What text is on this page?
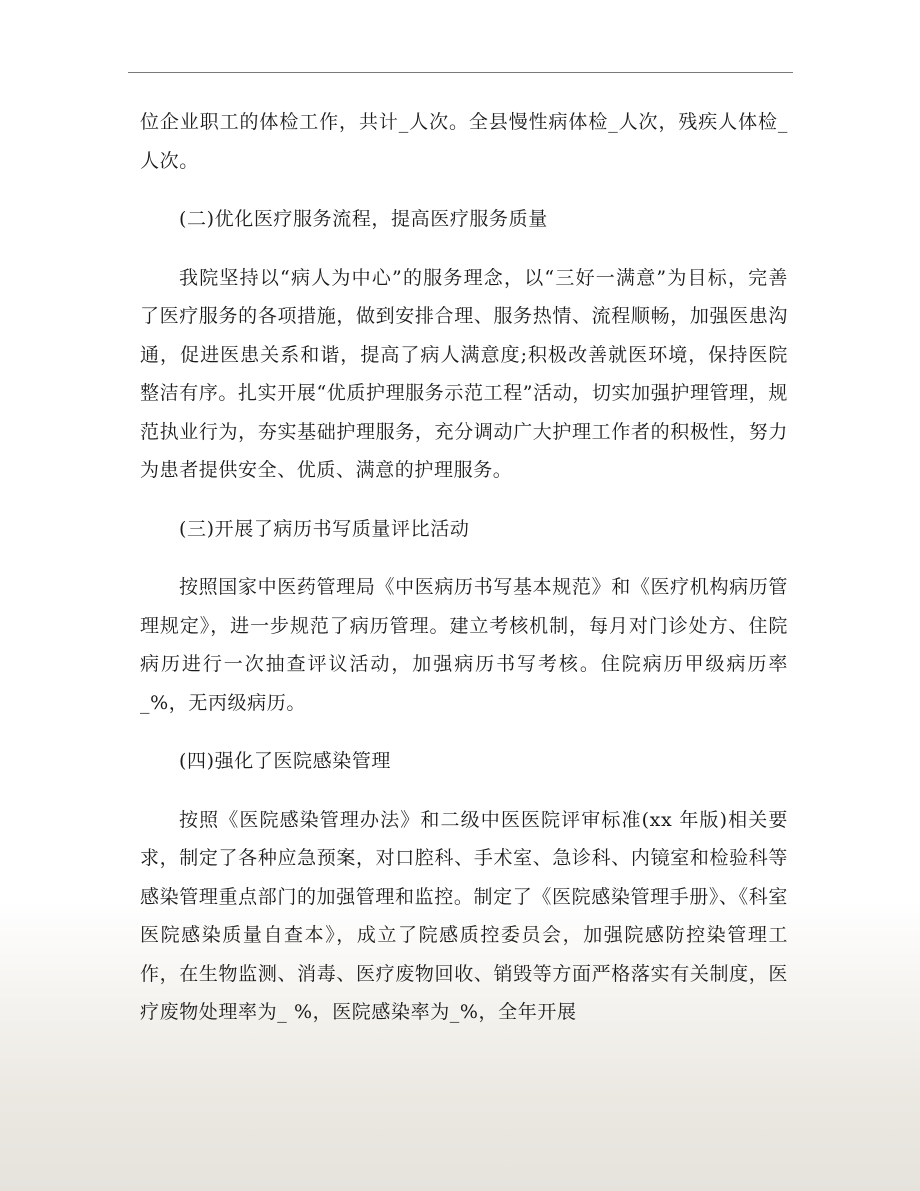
位企业职工的体检工作，共计_人次。全县慢性病体检_人次，残疾人体检_人次。

(二)优化医疗服务流程，提高医疗服务质量

我院坚持以“病人为中心”的服务理念，以“三好一满意”为目标，完善了医疗服务的各项措施，做到安排合理、服务热情、流程顺畅，加强医患沟通，促进医患关系和谐，提高了病人满意度;积极改善就医环境，保持医院整洁有序。扎实开展“优质护理服务示范工程”活动，切实加强护理管理，规范执业行为，夯实基础护理服务，充分调动广大护理工作者的积极性，努力为患者提供安全、优质、满意的护理服务。

(三)开展了病历书写质量评比活动

按照国家中医药管理局《中医病历书写基本规范》和《医疗机构病历管理规定》，进一步规范了病历管理。建立考核机制，每月对门诊处方、住院病历进行一次抽查评议活动，加强病历书写考核。住院病历甲级病历率_%，无丙级病历。

(四)强化了医院感染管理

按照《医院感染管理办法》和二级中医医院评审标准(xx 年版)相关要求，制定了各种应急预案，对口腔科、手术室、急诊科、内镜室和检验科等感染管理重点部门的加强管理和监控。制定了《医院感染管理手册》、《科室医院感染质量自查本》，成立了院感质控委员会，加强院感防控染管理工作，在生物监测、消毒、医疗废物回收、销毁等方面严格落实有关制度，医疗废物处理率为_ %，医院感染率为_%，全年开展
